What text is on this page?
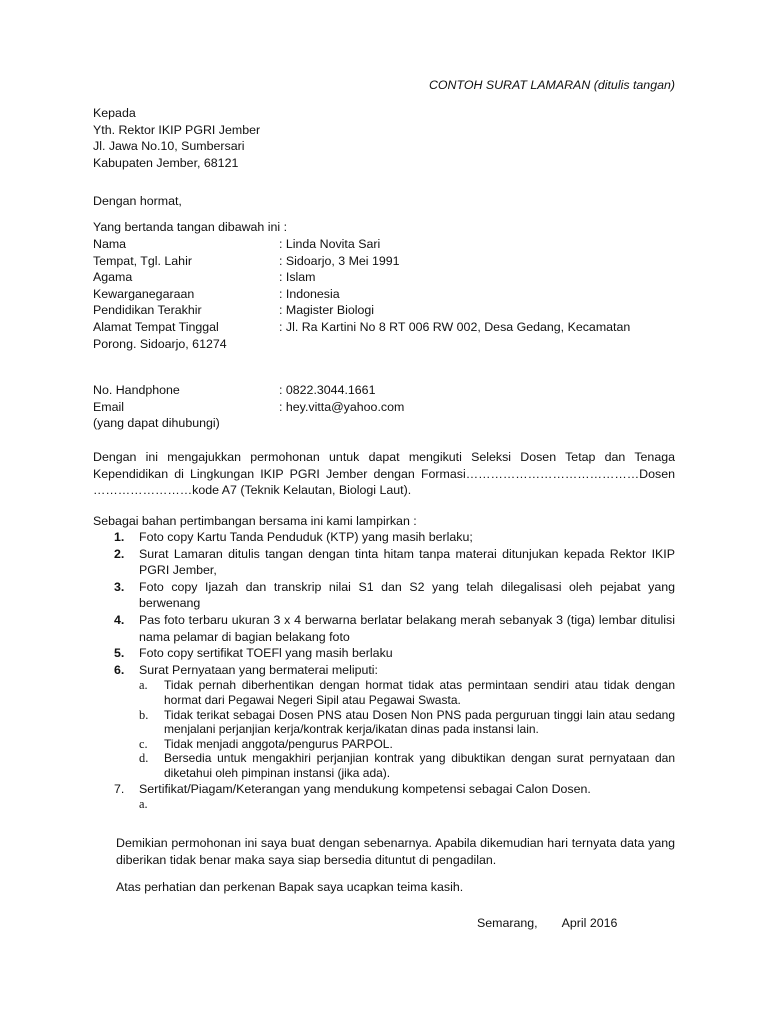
CONTOH SURAT LAMARAN (ditulis tangan)
Kepada
Yth. Rektor IKIP PGRI Jember
Jl. Jawa No.10, Sumbersari
Kabupaten Jember, 68121
Dengan hormat,
Yang bertanda tangan dibawah ini :
Nama	: Linda Novita Sari
Tempat, Tgl. Lahir	: Sidoarjo, 3 Mei 1991
Agama	: Islam
Kewarganegaraan	: Indonesia
Pendidikan Terakhir	: Magister Biologi
Alamat Tempat Tinggal	: Jl. Ra Kartini No 8 RT 006 RW 002, Desa Gedang, Kecamatan
Porong. Sidoarjo, 61274
No. Handphone	: 0822.3044.1661
Email	: hey.vitta@yahoo.com
(yang dapat dihubungi)
Dengan ini mengajukkan permohonan untuk dapat mengikuti Seleksi Dosen Tetap dan Tenaga
Kependidikan di Lingkungan IKIP PGRI Jember dengan Formasi……………………………………Dosen
……………………kode A7 (Teknik Kelautan, Biologi Laut).
Sebagai bahan pertimbangan bersama ini kami lampirkan :
1.	Foto copy Kartu Tanda Penduduk (KTP) yang masih berlaku;
2.	Surat Lamaran ditulis tangan dengan tinta hitam tanpa materai ditunjukan kepada Rektor IKIP PGRI Jember,
3.	Foto copy Ijazah dan transkrip nilai S1 dan S2 yang telah dilegalisasi oleh pejabat yang berwenang
4.	Pas foto terbaru ukuran 3 x 4 berwarna berlatar belakang merah sebanyak 3 (tiga) lembar ditulisi nama pelamar di bagian belakang foto
5.	Foto copy sertifikat TOEFl yang masih berlaku
6.	Surat Pernyataan yang bermaterai meliputi:
a. Tidak pernah diberhentikan dengan hormat tidak atas permintaan sendiri atau tidak dengan hormat dari Pegawai Negeri Sipil atau Pegawai Swasta.
b. Tidak terikat sebagai Dosen PNS atau Dosen Non PNS pada perguruan tinggi lain atau sedang menjalani perjanjian kerja/kontrak kerja/ikatan dinas pada instansi lain.
c. Tidak menjadi anggota/pengurus PARPOL.
d. Bersedia untuk mengakhiri perjanjian kontrak yang dibuktikan dengan surat pernyataan dan diketahui oleh pimpinan instansi (jika ada).
7.	Sertifikat/Piagam/Keterangan yang mendukung kompetensi sebagai Calon Dosen.
a.

Demikian permohonan ini saya buat dengan sebenarnya. Apabila dikemudian hari ternyata data yang diberikan tidak benar maka saya siap bersedia dituntut di pengadilan.
Atas perhatian dan perkenan Bapak saya ucapkan teima kasih.
Semarang, April 2016
